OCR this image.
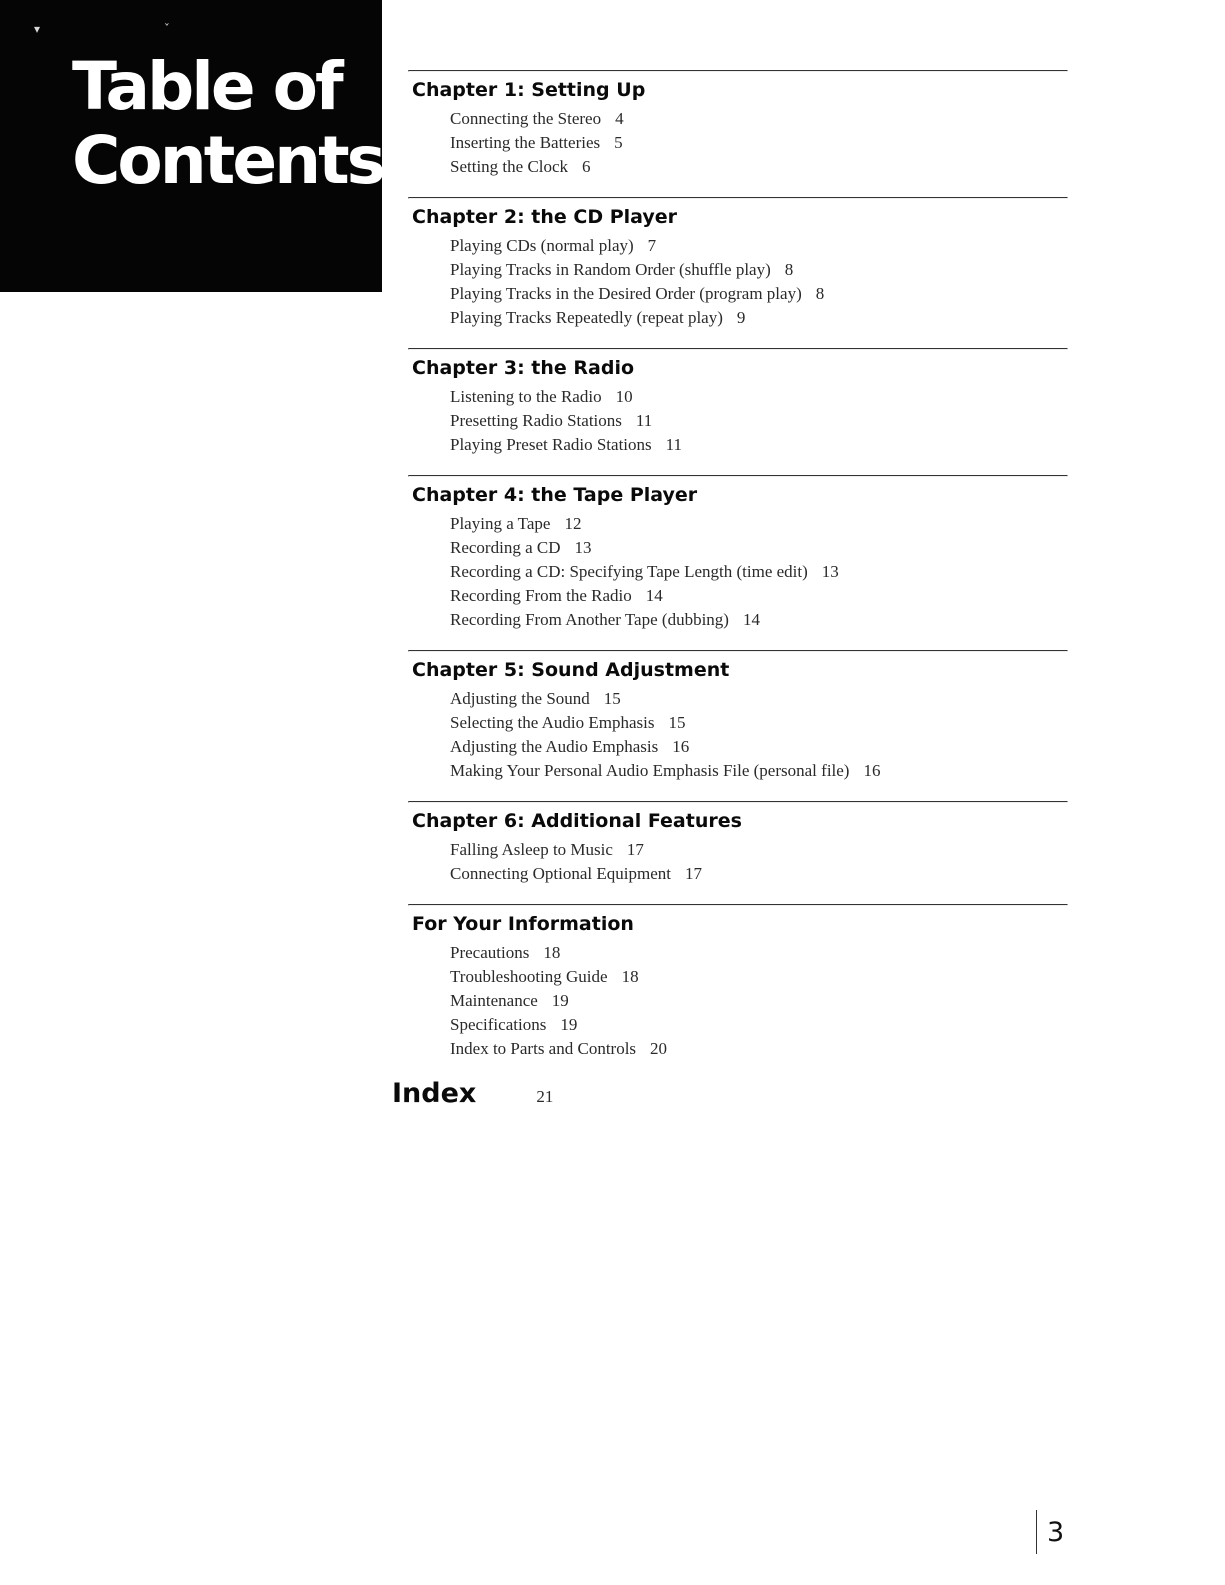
▾ ˇ
Table of
Contents
Chapter 1: Setting Up
Connecting the Stereo 4
Inserting the Batteries 5
Setting the Clock 6
Chapter 2: the CD Player
Playing CDs (normal play) 7
Playing Tracks in Random Order (shuffle play) 8
Playing Tracks in the Desired Order (program play) 8
Playing Tracks Repeatedly (repeat play) 9
Chapter 3: the Radio
Listening to the Radio 10
Presetting Radio Stations 11
Playing Preset Radio Stations 11
Chapter 4: the Tape Player
Playing a Tape 12
Recording a CD 13
Recording a CD: Specifying Tape Length (time edit) 13
Recording From the Radio 14
Recording From Another Tape (dubbing) 14
Chapter 5: Sound Adjustment
Adjusting the Sound 15
Selecting the Audio Emphasis 15
Adjusting the Audio Emphasis 16
Making Your Personal Audio Emphasis File (personal file) 16
Chapter 6: Additional Features
Falling Asleep to Music 17
Connecting Optional Equipment 17
For Your Information
Precautions 18
Troubleshooting Guide 18
Maintenance 19
Specifications 19
Index to Parts and Controls 20
Index	21
3
